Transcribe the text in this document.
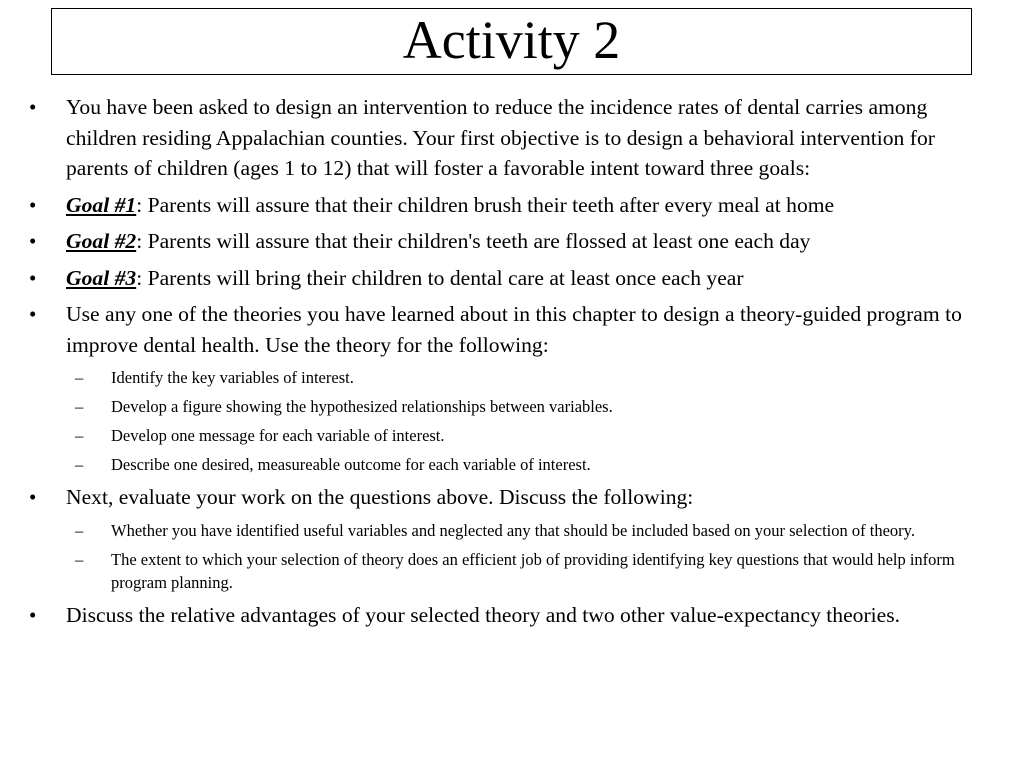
Activity 2
• You have been asked to design an intervention to reduce the incidence rates of dental carries among children residing Appalachian counties. Your first objective is to design a behavioral intervention for parents of children (ages 1 to 12) that will foster a favorable intent toward three goals:
• Goal #1: Parents will assure that their children brush their teeth after every meal at home
• Goal #2: Parents will assure that their children's teeth are flossed at least one each day
• Goal #3: Parents will bring their children to dental care at least once each year
• Use any one of the theories you have learned about in this chapter to design a theory-guided program to improve dental health. Use the theory for the following:
– Identify the key variables of interest.
– Develop a figure showing the hypothesized relationships between variables.
– Develop one message for each variable of interest.
– Describe one desired, measureable outcome for each variable of interest.
• Next, evaluate your work on the questions above. Discuss the following:
– Whether you have identified useful variables and neglected any that should be included based on your selection of theory.
– The extent to which your selection of theory does an efficient job of providing identifying key questions that would help inform program planning.
• Discuss the relative advantages of your selected theory and two other value-expectancy theories.
